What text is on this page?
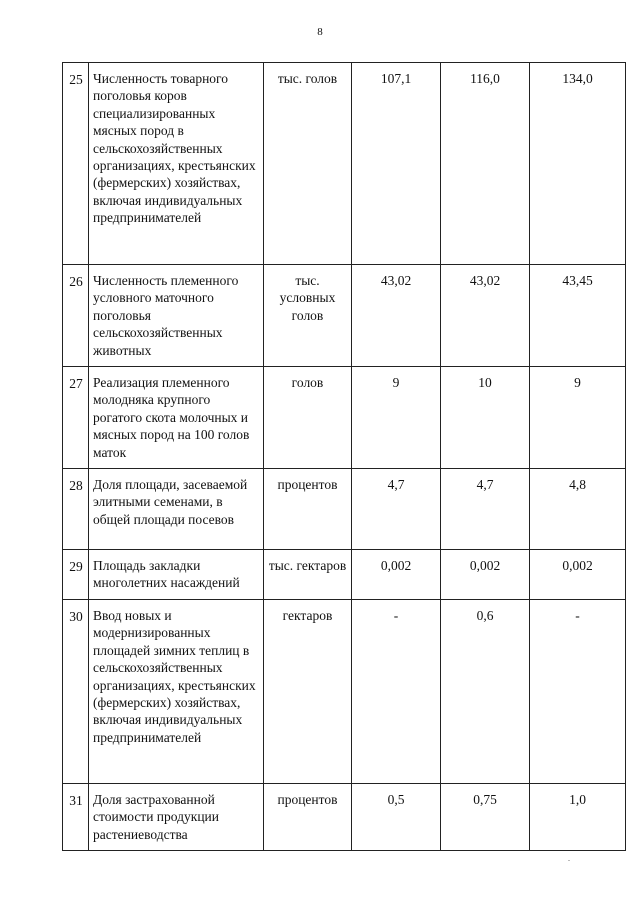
8
25	Численность товарного поголовья коров специализированных мясных пород в сельскохозяйственных организациях, крестьянских (фермерских) хозяйствах, включая индивидуальных предпринимателей	тыс. голов	107,1	116,0	134,0
26	Численность племенного условного маточного поголовья сельскохозяйственных животных	тыс. условных голов	43,02	43,02	43,45
27	Реализация племенного молодняка крупного рогатого скота молочных и мясных пород на 100 голов маток	голов	9	10	9
28	Доля площади, засеваемой элитными семенами, в общей площади посевов	процентов	4,7	4,7	4,8
29	Площадь закладки многолетних насаждений	тыс. гектаров	0,002	0,002	0,002
30	Ввод новых и модернизированных площадей зимних теплиц в сельскохозяйственных организациях, крестьянских (фермерских) хозяйствах, включая индивидуальных предпринимателей	гектаров	-	0,6	-
31	Доля застрахованной стоимости продукции растениеводства	процентов	0,5	0,75	1,0
